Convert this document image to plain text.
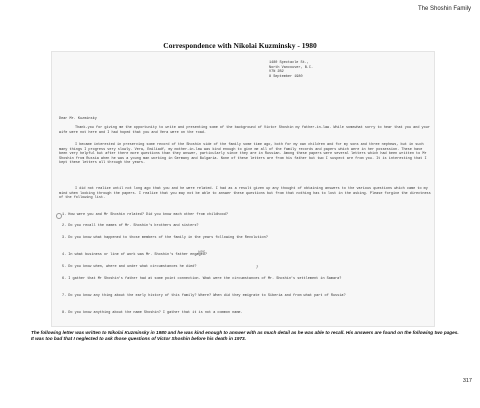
The Shoshin Family
Correspondence with Nikolai Kuzminsky - 1980
1480 Spectacle St.,
North Vancouver, B.C.
V7N 2B2
8 September 1980
Dear Mr. Kuzminsky
Thank-you for giving me the opportunity to write and presenting some of the background of Victor Shoshin my father-in-law. While somewhat sorry to hear that you and your wife were not here and I had hoped that you and Vera were on the road.
I became interested in preserving some record of the Shoshin side of the family some time ago, both for my own children and for my sons and three nephews, but in such many things I progress very slowly. Vera, Emiliadf, my mother-in-law was kind enough to give me all of the family records and papers which were in her possession. These have been very helpful but after there more questions than they answer, particularly since they are in Russian. Among these papers were several letters which had been written to Mr Shoshin from Russia when he was a young man working in Germany and Bulgaria. None of these letters are from his father but two I suspect are from you. It is interesting that I kept these letters all through the years.
I did not realize until not long ago that you and he were related. I had as a result given up any thought of obtaining answers to the various questions which came to my mind when looking through the papers. I realize that you may not be able to answer these questions but from that nothing has to lost in the asking. Please forgive the directness of the following list.
1. How were you and Mr Shoshin related? Did you know each other from childhood?
2. Do you recall the names of Mr. Shoshin's brothers and sisters?
3. Do you know what happened to those members of the family in the years following the Revolution?
4. In what business or line of work was Mr. Shoshin's father engaged?
yes
5. Do you know when, where and under what circumstances he died?	?
6. I gather that Mr Shoshin's father had at some point connection. What were the circumstances of Mr. Shoshin's settlement in Samara?
7. Do you know any thing about the early history of this family? Where? When did they emigrate to Siberia and from what part of Russia?
8. Do you know anything about the name Shoshin? I gather that it is not a common name.
The following letter was written to Nikolai Kuzminsky in 1980 and he was kind enough to answer with as much detail as he was able to recall. His answers are found on the following two pages. It was too bad that I neglected to ask those questions of Victor Shoshin before his death in 1973.
317
